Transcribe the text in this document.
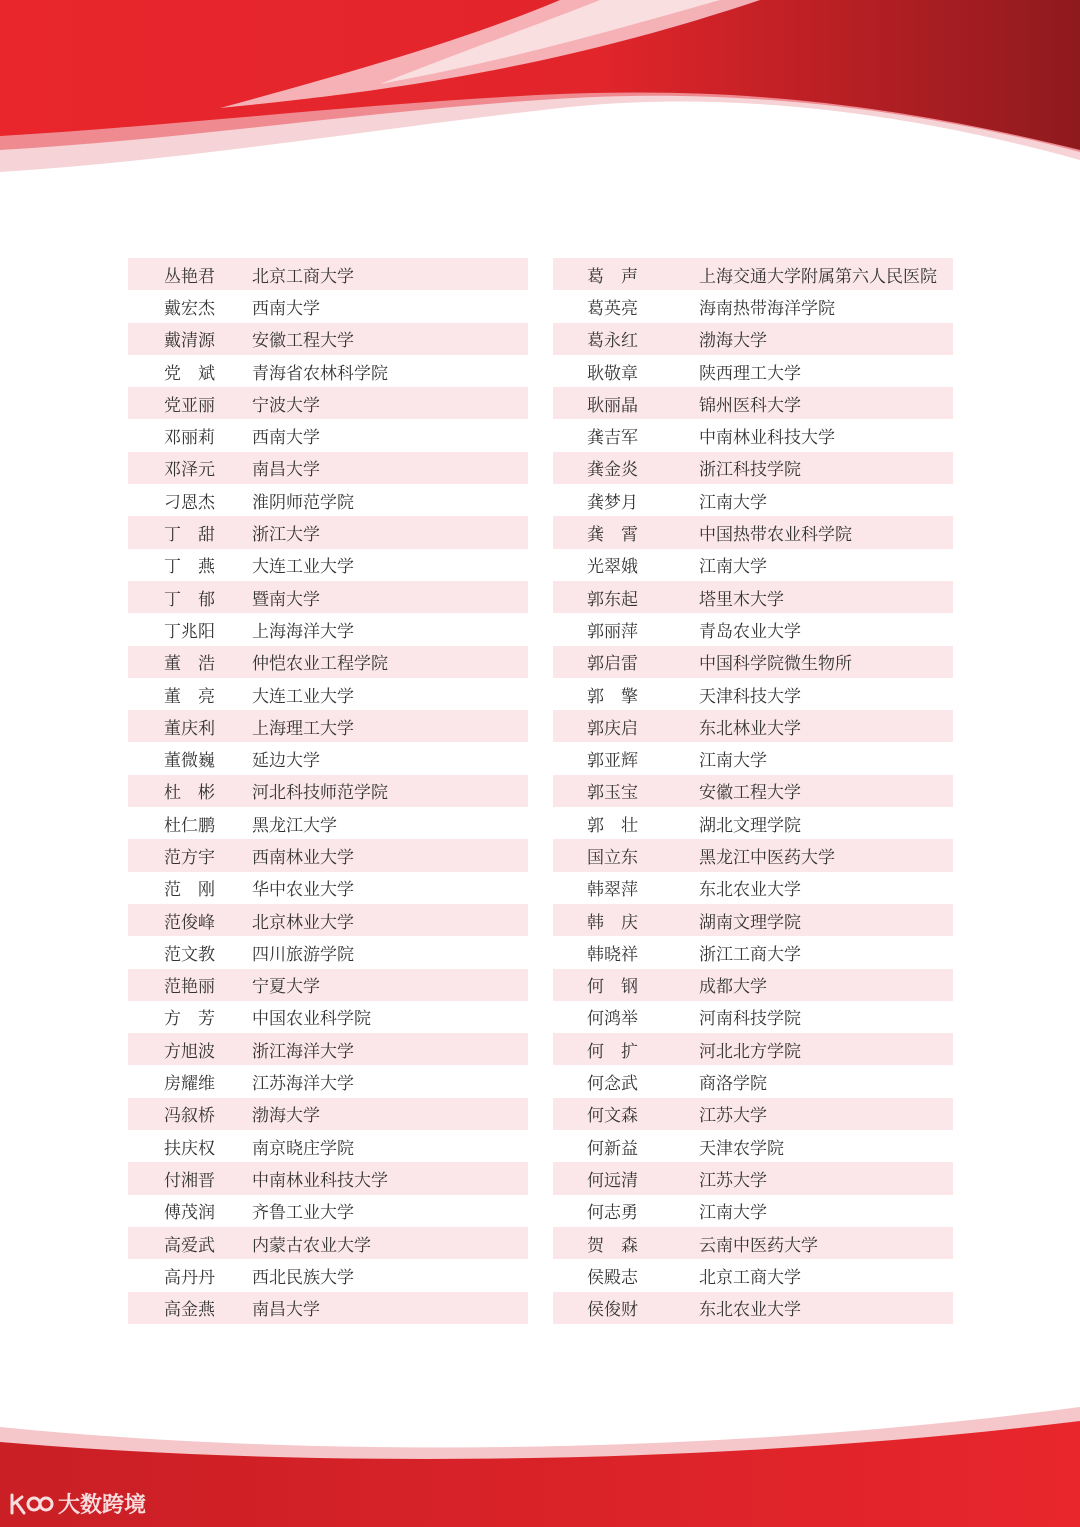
丛艳君	北京工商大学
戴宏杰	西南大学
戴清源	安徽工程大学
党　斌	青海省农林科学院
党亚丽	宁波大学
邓丽莉	西南大学
邓泽元	南昌大学
刁恩杰	淮阴师范学院
丁　甜	浙江大学
丁　燕	大连工业大学
丁　郁	暨南大学
丁兆阳	上海海洋大学
董　浩	仲恺农业工程学院
董　亮	大连工业大学
董庆利	上海理工大学
董微巍	延边大学
杜　彬	河北科技师范学院
杜仁鹏	黑龙江大学
范方宇	西南林业大学
范　刚	华中农业大学
范俊峰	北京林业大学
范文教	四川旅游学院
范艳丽	宁夏大学
方　芳	中国农业科学院
方旭波	浙江海洋大学
房耀维	江苏海洋大学
冯叙桥	渤海大学
扶庆权	南京晓庄学院
付湘晋	中南林业科技大学
傅茂润	齐鲁工业大学
高爱武	内蒙古农业大学
高丹丹	西北民族大学
高金燕	南昌大学
葛　声	上海交通大学附属第六人民医院
葛英亮	海南热带海洋学院
葛永红	渤海大学
耿敬章	陕西理工大学
耿丽晶	锦州医科大学
龚吉军	中南林业科技大学
龚金炎	浙江科技学院
龚梦月	江南大学
龚　霄	中国热带农业科学院
光翠娥	江南大学
郭东起	塔里木大学
郭丽萍	青岛农业大学
郭启雷	中国科学院微生物所
郭　擎	天津科技大学
郭庆启	东北林业大学
郭亚辉	江南大学
郭玉宝	安徽工程大学
郭　壮	湖北文理学院
国立东	黑龙江中医药大学
韩翠萍	东北农业大学
韩　庆	湖南文理学院
韩晓祥	浙江工商大学
何　钢	成都大学
何鸿举	河南科技学院
何　扩	河北北方学院
何念武	商洛学院
何文森	江苏大学
何新益	天津农学院
何远清	江苏大学
何志勇	江南大学
贺　森	云南中医药大学
侯殿志	北京工商大学
侯俊财	东北农业大学
大数跨境
